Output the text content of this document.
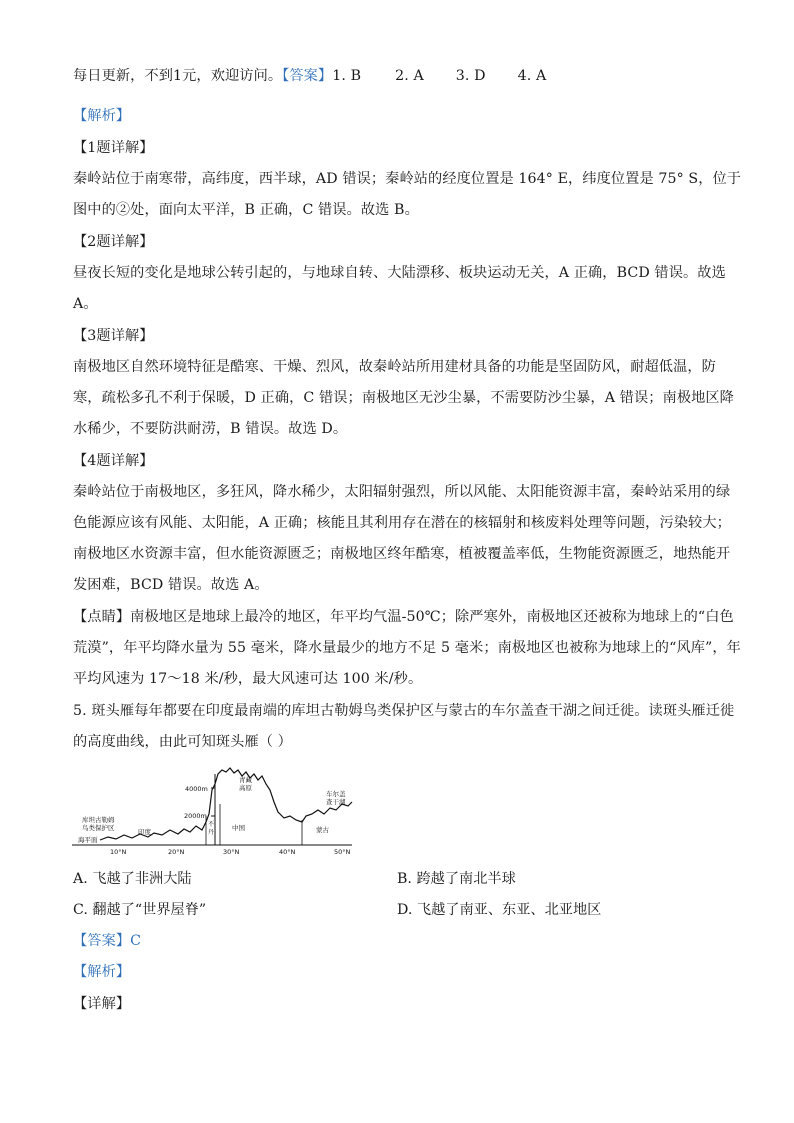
每日更新，不到1元，欢迎访问。【答案】1. B 2. A 3. D 4. A
【解析】
【1题详解】
秦岭站位于南寒带，高纬度，西半球，AD 错误；秦岭站的经度位置是 164° E，纬度位置是 75° S，位于
图中的②处，面向太平洋，B 正确，C 错误。故选 B。
【2题详解】
昼夜长短的变化是地球公转引起的，与地球自转、大陆漂移、板块运动无关，A 正确，BCD 错误。故选
A。
【3题详解】
南极地区自然环境特征是酷寒、干燥、烈风，故秦岭站所用建材具备的功能是坚固防风，耐超低温，防
寒，疏松多孔不利于保暖，D 正确，C 错误；南极地区无沙尘暴，不需要防沙尘暴，A 错误；南极地区降
水稀少，不要防洪耐涝，B 错误。故选 D。
【4题详解】
秦岭站位于南极地区，多狂风，降水稀少，太阳辐射强烈，所以风能、太阳能资源丰富，秦岭站采用的绿
色能源应该有风能、太阳能，A 正确；核能且其利用存在潜在的核辐射和核废料处理等问题，污染较大；
南极地区水资源丰富，但水能资源匮乏；南极地区终年酷寒，植被覆盖率低，生物能资源匮乏，地热能开
发困难，BCD 错误。故选 A。
【点睛】南极地区是地球上最冷的地区，年平均气温-50℃；除严寒外，南极地区还被称为地球上的“白色
荒漠”，年平均降水量为 55 毫米，降水量最少的地方不足 5 毫米；南极地区也被称为地球上的“风库”，年
平均风速为 17～18 米/秒，最大风速可达 100 米/秒。
5. 斑头雁每年都要在印度最南端的库坦古勒姆鸟类保护区与蒙古的车尔盖查干湖之间迁徙。读斑头雁迁徙
的高度曲线，由此可知斑头雁（ ）
海平面
库坦古勒姆
鸟类保护区	印度
4000m
2000m
不
丹
青藏
高原
中国	蒙古
车尔盖
查干湖
10°N	20°N	30°N	40°N	50°N
A. 飞越了非洲大陆	B. 跨越了南北半球
C. 翻越了“世界屋脊”	D. 飞越了南亚、东亚、北亚地区
【答案】C
【解析】
【详解】
